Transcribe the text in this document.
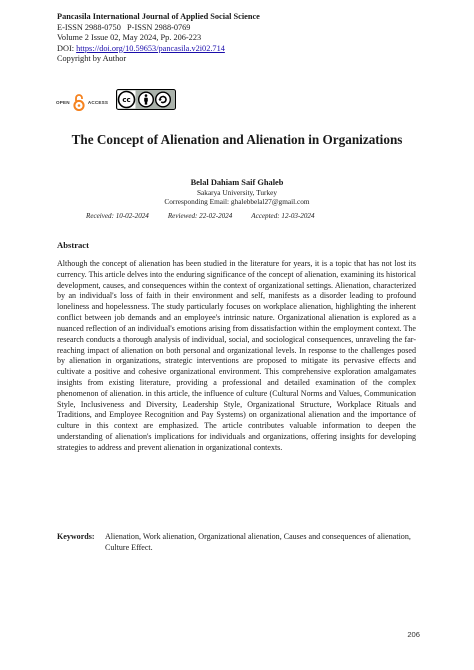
Pancasila International Journal of Applied Social Science
E-ISSN 2988-0750   P-ISSN 2988-0769
Volume 2 Issue 02, May 2024, Pp. 206-223
DOI: https://doi.org/10.59653/pancasila.v2i02.714
Copyright by Author
OPEN	ACCESS cc
The Concept of Alienation and Alienation in Organizations
Belal Dahiam Saif Ghaleb
Sakarya University, Turkey
Corresponding Email: ghalebbelal27@gmail.com
Received: 10-02-2024	Reviewed: 22-02-2024	Accepted: 12-03-2024
Abstract

Although the concept of alienation has been studied in the literature for years, it is a topic that has not lost its currency. This article delves into the enduring significance of the concept of alienation, examining its historical development, causes, and consequences within the context of organizational settings. Alienation, characterized by an individual's loss of faith in their environment and self, manifests as a disorder leading to profound loneliness and hopelessness. The study particularly focuses on workplace alienation, highlighting the inherent conflict between job demands and an employee's intrinsic nature. Organizational alienation is explored as a nuanced reflection of an individual's emotions arising from dissatisfaction within the employment context. The research conducts a thorough analysis of individual, social, and sociological consequences, unraveling the far-reaching impact of alienation on both personal and organizational levels. In response to the challenges posed by alienation in organizations, strategic interventions are proposed to mitigate its pervasive effects and cultivate a positive and cohesive organizational environment. This comprehensive exploration amalgamates insights from existing literature, providing a professional and detailed examination of the complex phenomenon of alienation. in this article, the influence of culture (Cultural Norms and Values, Communication Style, Inclusiveness and Diversity, Leadership Style, Organizational Structure, Workplace Rituals and Traditions, and Employee Recognition and Pay Systems) on organizational alienation and the importance of culture in this context are emphasized. The article contributes valuable information to deepen the understanding of alienation's implications for individuals and organizations, offering insights for developing strategies to address and prevent alienation in organizational contexts.

Keywords:	Alienation, Work alienation, Organizational alienation, Causes and consequences of alienation, Culture Effect.
206
